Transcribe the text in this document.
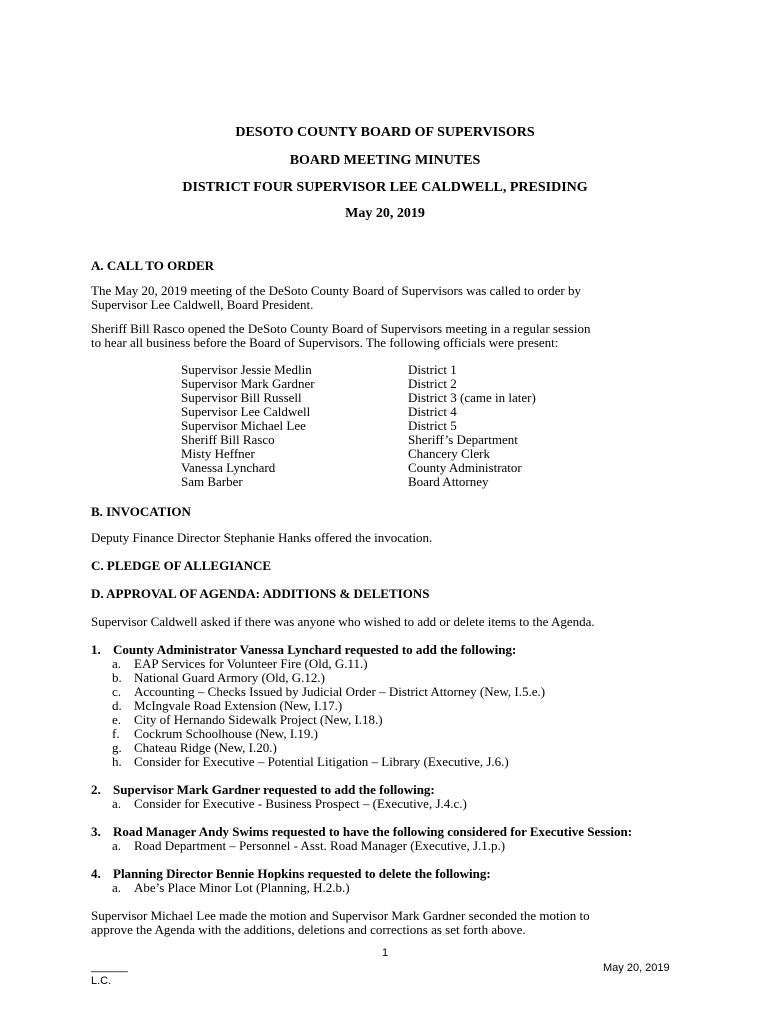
DESOTO COUNTY BOARD OF SUPERVISORS
BOARD MEETING MINUTES
DISTRICT FOUR SUPERVISOR LEE CALDWELL, PRESIDING
May 20, 2019
A. CALL TO ORDER
The May 20, 2019 meeting of the DeSoto County Board of Supervisors was called to order by
Supervisor Lee Caldwell, Board President.
Sheriff Bill Rasco opened the DeSoto County Board of Supervisors meeting in a regular session
to hear all business before the Board of Supervisors. The following officials were present:
Supervisor Jessie Medlin	District 1
Supervisor Mark Gardner	District 2
Supervisor Bill Russell	District 3 (came in later)
Supervisor Lee Caldwell	District 4
Supervisor Michael Lee	District 5
Sheriff Bill Rasco	Sheriff’s Department
Misty Heffner	Chancery Clerk
Vanessa Lynchard	County Administrator
Sam Barber	Board Attorney
B. INVOCATION
Deputy Finance Director Stephanie Hanks offered the invocation.
C. PLEDGE OF ALLEGIANCE
D. APPROVAL OF AGENDA: ADDITIONS & DELETIONS
Supervisor Caldwell asked if there was anyone who wished to add or delete items to the Agenda.
1. County Administrator Vanessa Lynchard requested to add the following:
a. EAP Services for Volunteer Fire (Old, G.11.)
b. National Guard Armory (Old, G.12.)
c. Accounting – Checks Issued by Judicial Order – District Attorney (New, I.5.e.)
d. McIngvale Road Extension (New, I.17.)
e. City of Hernando Sidewalk Project (New, I.18.)
f. Cockrum Schoolhouse (New, I.19.)
g. Chateau Ridge (New, I.20.)
h. Consider for Executive – Potential Litigation – Library (Executive, J.6.)
2. Supervisor Mark Gardner requested to add the following:
a. Consider for Executive - Business Prospect – (Executive, J.4.c.)
3. Road Manager Andy Swims requested to have the following considered for Executive Session:
a. Road Department – Personnel - Asst. Road Manager (Executive, J.1.p.)
4. Planning Director Bennie Hopkins requested to delete the following:
a. Abe’s Place Minor Lot (Planning, H.2.b.)
Supervisor Michael Lee made the motion and Supervisor Mark Gardner seconded the motion to
approve the Agenda with the additions, deletions and corrections as set forth above.
1
______
L.C.
May 20, 2019
